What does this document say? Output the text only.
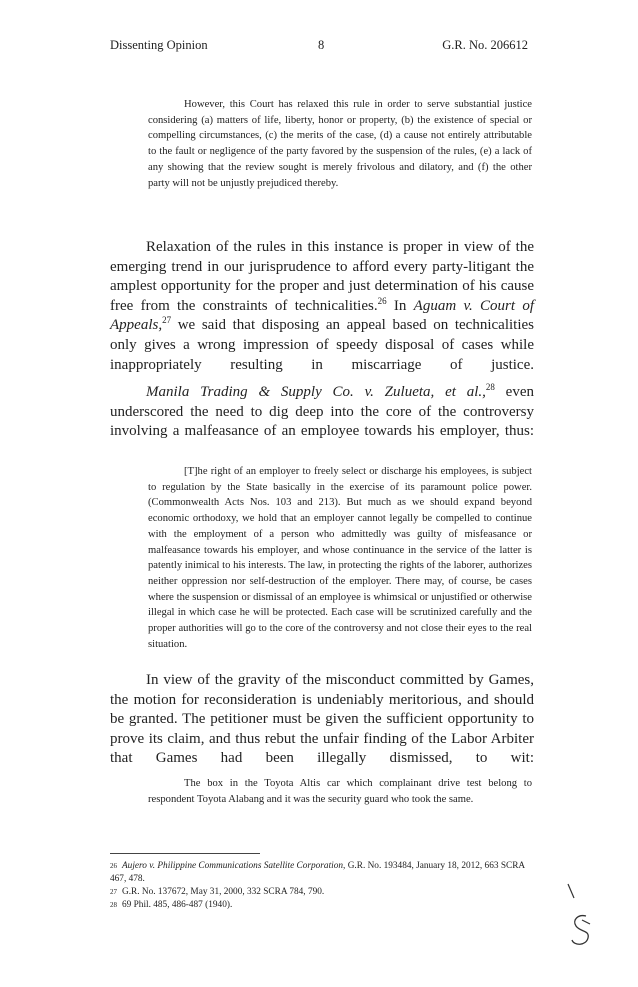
Dissenting Opinion	8	G.R. No. 206612

However, this Court has relaxed this rule in order to serve substantial justice considering (a) matters of life, liberty, honor or property, (b) the existence of special or compelling circumstances, (c) the merits of the case, (d) a cause not entirely attributable to the fault or negligence of the party favored by the suspension of the rules, (e) a lack of any showing that the review sought is merely frivolous and dilatory, and (f) the other party will not be unjustly prejudiced thereby.

Relaxation of the rules in this instance is proper in view of the emerging trend in our jurisprudence to afford every party-litigant the amplest opportunity for the proper and just determination of his cause free from the constraints of technicalities.$^{26}$ In Aguam v. Court of Appeals,$^{27}$ we said that disposing an appeal based on technicalities only gives a wrong impression of speedy disposal of cases while inappropriately resulting in miscarriage of justice.

Manila Trading & Supply Co. v. Zulueta, et al.,$^{28}$ even underscored the need to dig deep into the core of the controversy involving a malfeasance of an employee towards his employer, thus:

[T]he right of an employer to freely select or discharge his employees, is subject to regulation by the State basically in the exercise of its paramount police power. (Commonwealth Acts Nos. 103 and 213). But much as we should expand beyond economic orthodoxy, we hold that an employer cannot legally be compelled to continue with the employment of a person who admittedly was guilty of misfeasance or malfeasance towards his employer, and whose continuance in the service of the latter is patently inimical to his interests. The law, in protecting the rights of the laborer, authorizes neither oppression nor self-destruction of the employer. There may, of course, be cases where the suspension or dismissal of an employee is whimsical or unjustified or otherwise illegal in which case he will be protected. Each case will be scrutinized carefully and the proper authorities will go to the core of the controversy and not close their eyes to the real situation.

In view of the gravity of the misconduct committed by Games, the motion for reconsideration is undeniably meritorious, and should be granted. The petitioner must be given the sufficient opportunity to prove its claim, and thus rebut the unfair finding of the Labor Arbiter that Games had been illegally dismissed, to wit:

The box in the Toyota Altis car which complainant drive test belong to respondent Toyota Alabang and it was the security guard who took the same.

26 Aujero v. Philippine Communications Satellite Corporation, G.R. No. 193484, January 18, 2012, 663 SCRA 467, 478.

27 G.R. No. 137672, May 31, 2000, 332 SCRA 784, 790.

28 69 Phil. 485, 486-487 (1940).
